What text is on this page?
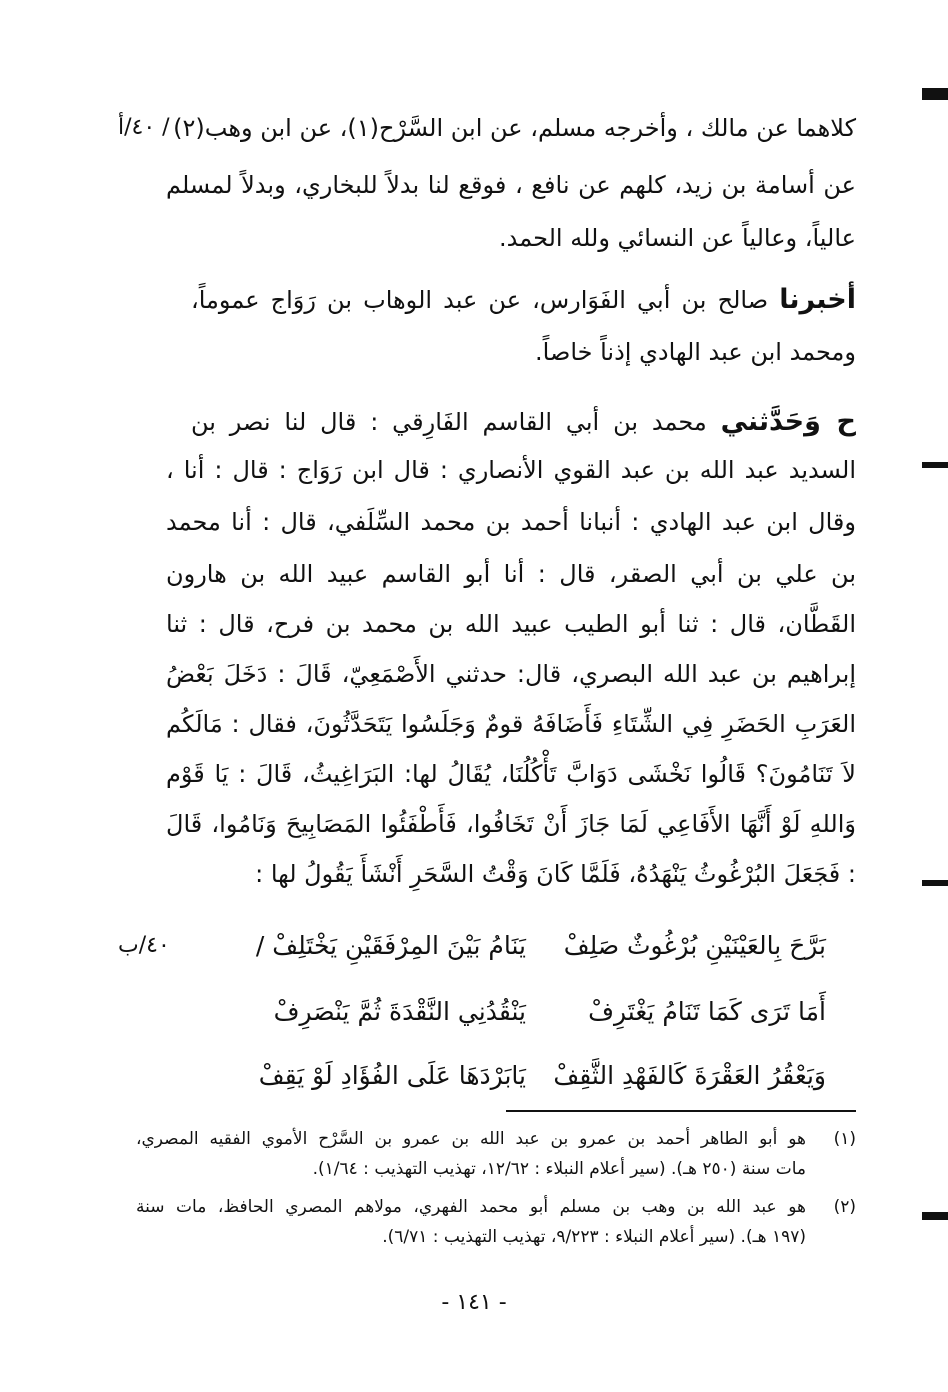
كلاهما عن مالك ، وأخرجه مسلم، عن ابن السَّرْح(١)، عن ابن وهب(٢)
/ ٤٠/أ
عن أسامة بن زيد، كلهم عن نافع ، فوقع لنا بدلاً للبخاري، وبدلاً لمسلم
عالياً، وعالياً عن النسائي ولله الحمد.
أخبرنا صالح بن أبي الفَوَارس، عن عبد الوهاب بن رَوَاج عموماً،
ومحمد ابن عبد الهادي إذناً خاصاً.
ح وَحَدَّثني محمد بن أبي القاسم الفَارِقي : قال لنا نصر بن
السديد عبد الله بن عبد القوي الأنصاري : قال ابن رَوَاج : قال : أنا ،
وقال ابن عبد الهادي : أنبانا أحمد بن محمد السِّلَفي، قال : أنا محمد
بن علي بن أبي الصقر، قال : أنا أبو القاسم عبيد الله بن هارون
القَطَّان، قال : ثنا أبو الطيب عبيد الله بن محمد بن فرح، قال : ثنا
إبراهيم بن عبد الله البصري، قال: حدثني الأَصْمَعِيّ، قَالَ : دَخَلَ بَعْضُ
العَرَبِ الحَضَرِ فِي الشِّتَاءِ فَأَضَافَهُ قومٌ وَجَلَسُوا يَتَحَدَّثُونَ، فقال : مَالَكُم
لاَ تَنَامُونَ؟ قَالُوا نَخْشَى دَوَابَّ تَأْكُلُنَا، يُقَالُ لها: البَرَاغِيثُ، قَالَ : يَا قَوْم
وَاللهِ لَوْ أَنَّهَا الأَفَاعِي لَمَا جَازَ أَنْ تَخَافُوا، فَأَطْفَئُوا المَصَابِيحَ وَنَامُوا، قَالَ
: فَجَعَلَ البُرْغُوثُ يَنْهَدُهُ، فَلَمَّا كَانَ وَقْتُ السَّحَرِ أَنْشَأَ يَقُولُ لها :
بَرَّحَ بِالعَيْنَيْنِ بُرْغُوثٌ صَلِفْ
يَنَامُ بَيْنَ المِرْفَقَيْنِ يَخْتَلِفْ /
٤٠/ب
أَمَا تَرَى كَمَا تَنَامُ يَغْتَرِفْ
يَنْقُدُنِي النَّقْدَةَ ثُمَّ يَنْصَرِفْ
وَيَعْقُرُ العَقْرَةَ كَالفَهْدِ الثَّقِفْ
يَابَرْدَهَا عَلَى الفُؤَادِ لَوْ يَقِفْ
(١)
هو أبو الطاهر أحمد بن عمرو بن عبد الله بن عمرو بن السَّرْح الأموي الفقيه المصري،
مات سنة (٢٥٠ هـ). (سير أعلام النبلاء : ١٢/٦٢، تهذيب التهذيب : ١/٦٤).
(٢)
هو عبد الله بن وهب بن مسلم أبو محمد الفهري، مولاهم المصري الحافظ، مات سنة
(١٩٧ هـ). (سير أعلام النبلاء : ٩/٢٢٣، تهذيب التهذيب : ٦/٧١).
- ١٤١ -
